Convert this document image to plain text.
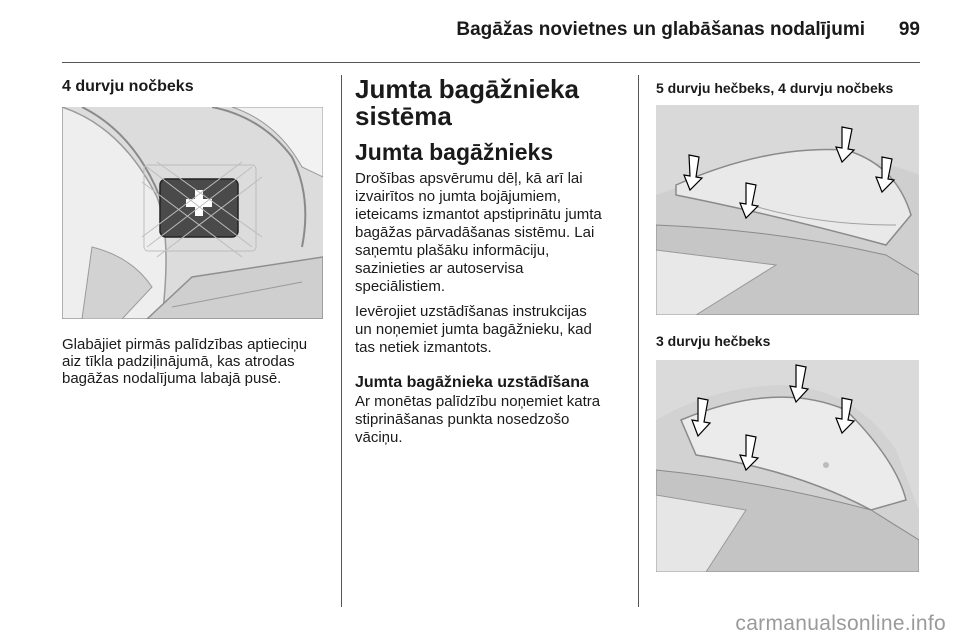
Bagāžas novietnes un glabāšanas nodalījumi 99
4 durvju nočbeks

Glabājiet pirmās palīdzības aptieciņu

aiz tīkla padziļinājumā, kas atrodas

bagāžas nodalījuma labajā pusē.

Jumta bagāžnieka
sistēma
Jumta bagāžnieks

Drošības apsvērumu dēļ, kā arī lai

izvairītos no jumta bojājumiem,

ieteicams izmantot apstiprinātu jumta

bagāžas pārvadāšanas sistēmu. Lai

saņemtu plašāku informāciju,

sazinieties ar autoservisa

speciālistiem.

Ievērojiet uzstādīšanas instrukcijas

un noņemiet jumta bagāžnieku, kad

tas netiek izmantots.

Jumta bagāžnieka uzstādīšana

Ar monētas palīdzību noņemiet katra

stiprināšanas punkta nosedzošo

vāciņu.

5 durvju hečbeks, 4 durvju nočbeks
3 durvju hečbeks
carmanualsonline.info
